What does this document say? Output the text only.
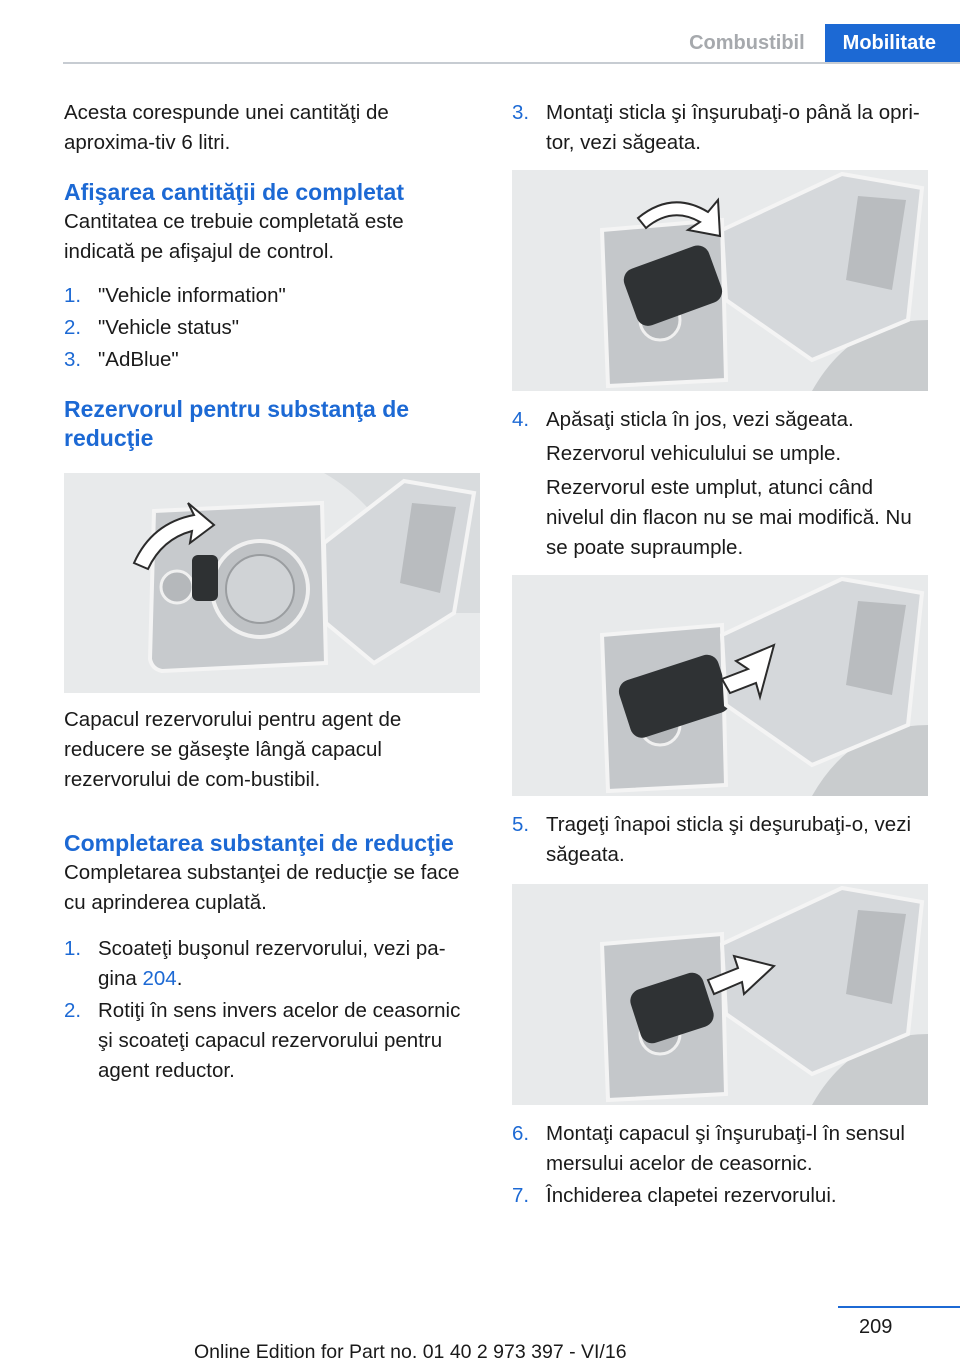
Combustibil	Mobilitate

Acesta corespunde unei cantităţi de aproxima‐tiv 6 litri.

Afişarea cantităţii de completat

Cantitatea ce trebuie completată este indicată pe afişajul de control.

1. "Vehicle information"
2. "Vehicle status"
3. "AdBlue"
Rezervorul pentru substanţa de reducţie

Capacul rezervorului pentru agent de reducere se găseşte lângă capacul rezervorului de com‐bustibil.

Completarea substanţei de reducţie

Completarea substanţei de reducţie se face cu aprinderea cuplată.

1. Scoateţi buşonul rezervorului, vezi pa‐gina 204.
2. Rotiţi în sens invers acelor de ceasornic şi scoateţi capacul rezervorului pentru agent reductor.
3. Montaţi sticla şi înşurubaţi-o până la opri‐tor, vezi săgeata.
4. Apăsaţi sticla în jos, vezi săgeata.
Rezervorul vehiculului se umple.
Rezervorul este umplut, atunci când nivelul din flacon nu se mai modifică. Nu se poate supraumple.
5. Trageţi înapoi sticla şi deşurubaţi-o, vezi săgeata.
6. Montaţi capacul şi înşurubaţi-l în sensul mersului acelor de ceasornic.
7. Închiderea clapetei rezervorului.
209
Online Edition for Part no. 01 40 2 973 397 - VI/16
